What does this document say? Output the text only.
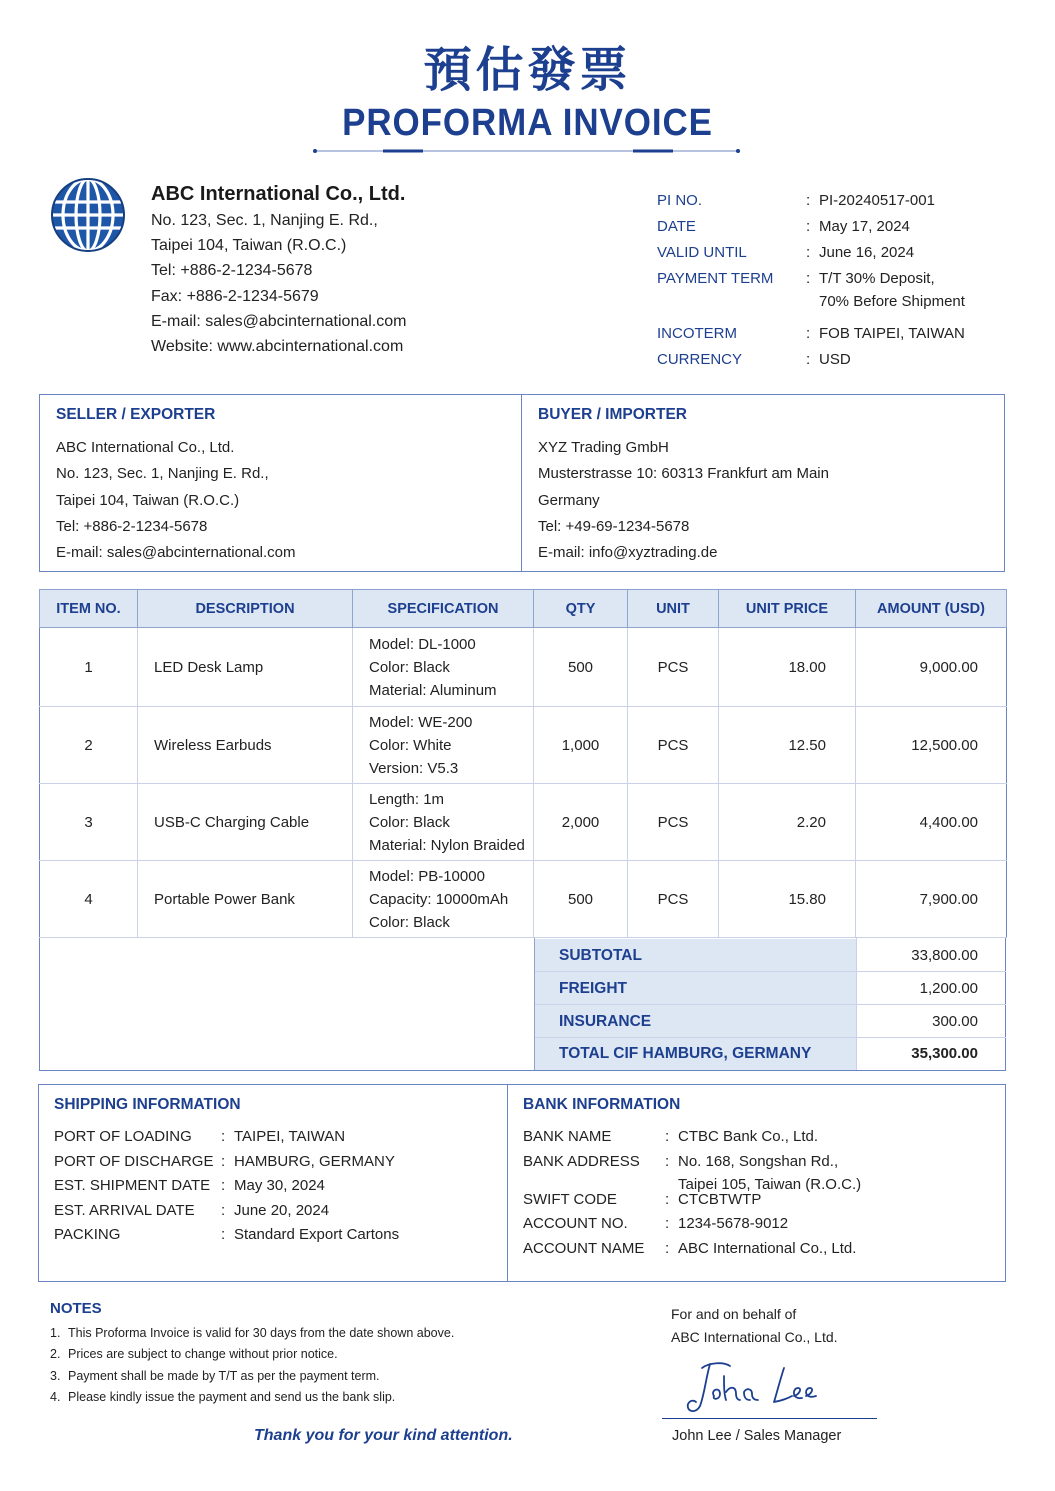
預估發票
PROFORMA INVOICE
ABC International Co., Ltd.
No. 123, Sec. 1, Nanjing E. Rd.,
Taipei 104, Taiwan (R.O.C.)
Tel: +886-2-1234-5678
Fax: +886-2-1234-5679
E-mail: sales@abcinternational.com
Website: www.abcinternational.com
PI NO.	: PI-20240517-001
DATE	: May 17, 2024
VALID UNTIL	: June 16, 2024
PAYMENT TERM : T/T 30% Deposit,
70% Before Shipment
INCOTERM	: FOB TAIPEI, TAIWAN
CURRENCY	: USD
SELLER / EXPORTER
ABC International Co., Ltd.
No. 123, Sec. 1, Nanjing E. Rd.,
Taipei 104, Taiwan (R.O.C.)
Tel: +886-2-1234-5678
E-mail: sales@abcinternational.com
BUYER / IMPORTER
XYZ Trading GmbH
Musterstrasse 10: 60313 Frankfurt am Main
Germany
Tel: +49-69-1234-5678
E-mail: info@xyztrading.de
ITEM NO.	DESCRIPTION	SPECIFICATION	QTY	UNIT	UNIT PRICE	AMOUNT (USD)
1	LED Desk Lamp	Model: DL-1000
Color: Black
Material: Aluminum	500	PCS	18.00	9,000.00
2	Wireless Earbuds	Model: WE-200
Color: White
Version: V5.3	1,000	PCS	12.50	12,500.00
3	USB-C Charging Cable	Length: 1m
Color: Black
Material: Nylon Braided	2,000	PCS	2.20	4,400.00
4	Portable Power Bank	Model: PB-10000
Capacity: 10000mAh
Color: Black	500	PCS	15.80	7,900.00
SUBTOTAL	33,800.00
FREIGHT	1,200.00
INSURANCE	300.00
TOTAL CIF HAMBURG, GERMANY	35,300.00
SHIPPING INFORMATION
PORT OF LOADING : TAIPEI, TAIWAN
PORT OF DISCHARGE : HAMBURG, GERMANY
EST. SHIPMENT DATE : May 30, 2024
EST. ARRIVAL DATE : June 20, 2024
PACKING	: Standard Export Cartons
BANK INFORMATION
BANK NAME	: CTBC Bank Co., Ltd.
BANK ADDRESS : No. 168, Songshan Rd.,
Taipei 105, Taiwan (R.O.C.)
SWIFT CODE	: CTCBTWTP
ACCOUNT NO. : 1234-5678-9012
ACCOUNT NAME : ABC International Co., Ltd.
NOTES
1. This Proforma Invoice is valid for 30 days from the date shown above.
2. Prices are subject to change without prior notice.
3. Payment shall be made by T/T as per the payment term.
4. Please kindly issue the payment and send us the bank slip.
Thank you for your kind attention.
For and on behalf of
ABC International Co., Ltd.
John Lee / Sales Manager
